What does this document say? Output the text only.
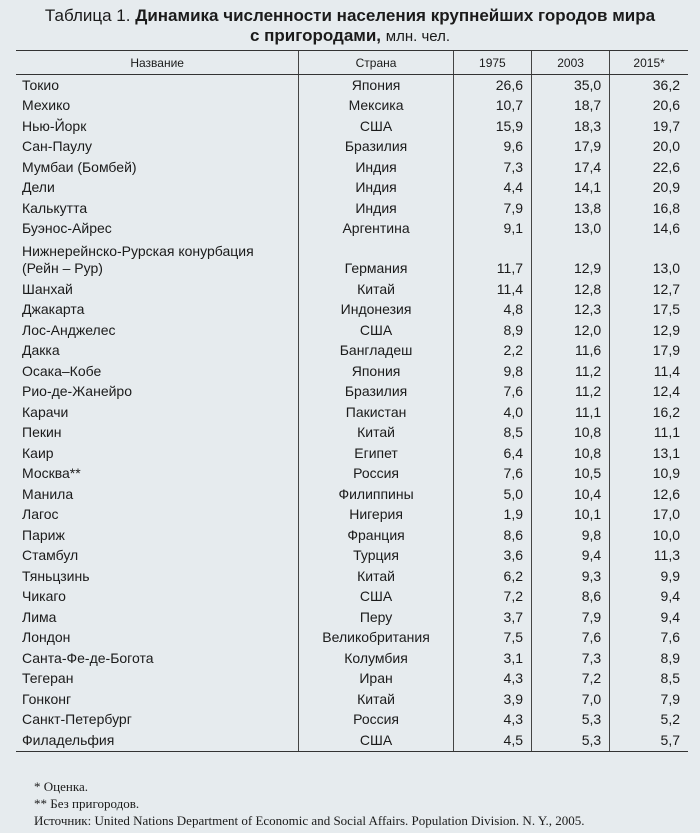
Таблица 1. Динамика численности населения крупнейших городов мира
с пригородами, млн. чел.
Название	Страна	1975	2003	2015*
Токио	Япония	26,6	35,0	36,2
Мехико	Мексика	10,7	18,7	20,6
Нью-Йорк	США	15,9	18,3	19,7
Сан-Паулу	Бразилия	9,6	17,9	20,0
Мумбаи (Бомбей)	Индия	7,3	17,4	22,6
Дели	Индия	4,4	14,1	20,9
Калькутта	Индия	7,9	13,8	16,8
Буэнос-Айрес	Аргентина	9,1	13,0	14,6
Нижнерейнско-Рурская конурбация
(Рейн – Рур)	Германия	11,7	12,9	13,0
Шанхай	Китай	11,4	12,8	12,7
Джакарта	Индонезия	4,8	12,3	17,5
Лос-Анджелес	США	8,9	12,0	12,9
Дакка	Бангладеш	2,2	11,6	17,9
Осака–Кобе	Япония	9,8	11,2	11,4
Рио-де-Жанейро	Бразилия	7,6	11,2	12,4
Карачи	Пакистан	4,0	11,1	16,2
Пекин	Китай	8,5	10,8	11,1
Каир	Египет	6,4	10,8	13,1
Москва**	Россия	7,6	10,5	10,9
Манила	Филиппины	5,0	10,4	12,6
Лагос	Нигерия	1,9	10,1	17,0
Париж	Франция	8,6	9,8	10,0
Стамбул	Турция	3,6	9,4	11,3
Тяньцзинь	Китай	6,2	9,3	9,9
Чикаго	США	7,2	8,6	9,4
Лима	Перу	3,7	7,9	9,4
Лондон	Великобритания	7,5	7,6	7,6
Санта-Фе-де-Богота	Колумбия	3,1	7,3	8,9
Тегеран	Иран	4,3	7,2	8,5
Гонконг	Китай	3,9	7,0	7,9
Санкт-Петербург	Россия	4,3	5,3	5,2
Филадельфия	США	4,5	5,3	5,7
* Оценка.
** Без пригородов.
Источник: United Nations Department of Economic and Social Affairs. Population Division. N. Y., 2005.
